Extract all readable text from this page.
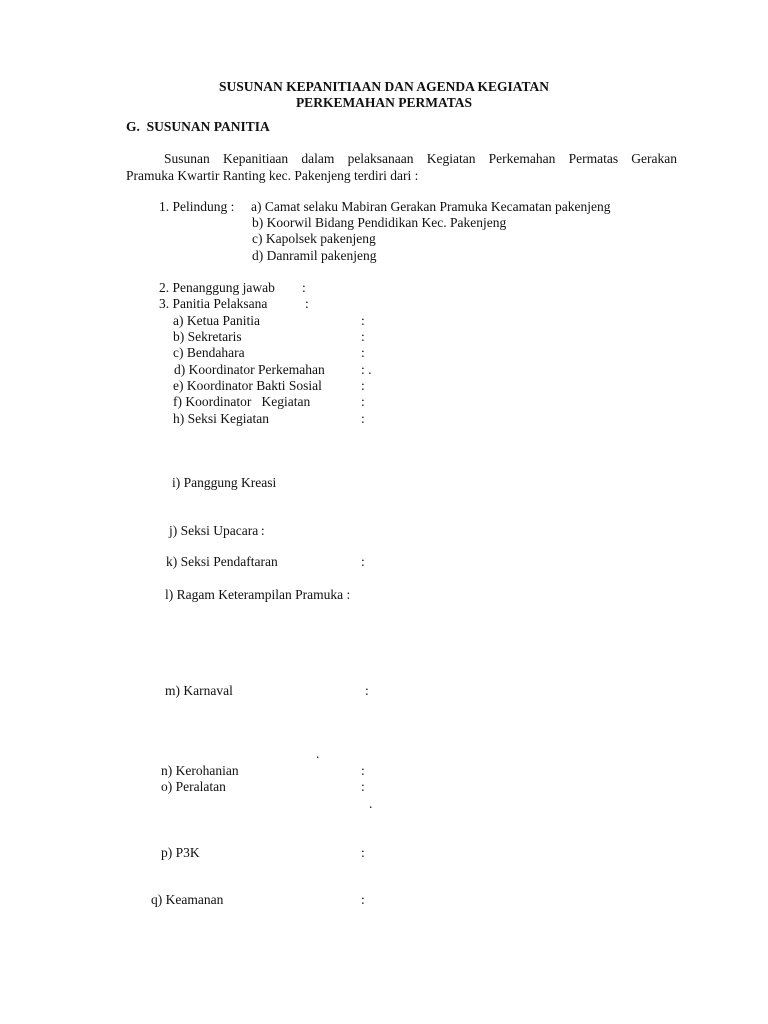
SUSUNAN KEPANITIAAN DAN AGENDA KEGIATAN
PERKEMAHAN PERMATAS
G.  SUSUNAN PANITIA
Susunan Kepanitiaan dalam pelaksanaan Kegiatan Perkemahan Permatas Gerakan
Pramuka Kwartir Ranting kec. Pakenjeng terdiri dari :
1. Pelindung : a) Camat selaku Mabiran Gerakan Pramuka Kecamatan pakenjeng
b) Koorwil Bidang Pendidikan Kec. Pakenjeng
c) Kapolsek pakenjeng
d) Danramil pakenjeng
2. Penanggung jawab :
3. Panitia Pelaksana	:
a) Ketua Panitia	:
b) Sekretaris	:
c) Bendahara	:
d) Koordinator Perkemahan	: .
e) Koordinator Bakti Sosial	:
f) Koordinator   Kegiatan	:
h) Seksi Kegiatan	:
i) Panggung Kreasi
j) Seksi Upacara :
k) Seksi Pendaftaran	:
l) Ragam Keterampilan Pramuka :
m) Karnaval	:
.
n) Kerohanian	:
o) Peralatan	:
.
p) P3K	:
q) Keamanan	:
